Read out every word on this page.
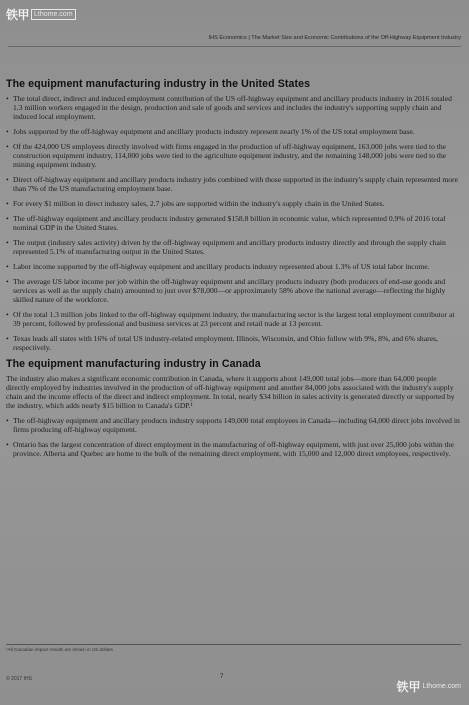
铁甲 Lthome.com
IHS Economics | The Market Size and Economic Contributions of the Off-Highway Equipment Industry
The equipment manufacturing industry in the United States
• The total direct, indirect and induced employment contribution of the US off-highway equipment and ancillary products industry in 2016 totaled 1.3 million workers engaged in the design, production and sale of goods and services and includes the industry's supporting supply chain and induced local employment.
• Jobs supported by the off-highway equipment and ancillary products industry represent nearly 1% of the US total employment base.
• Of the 424,000 US employees directly involved with firms engaged in the production of off-highway equipment, 163,000 jobs were tied to the construction equipment industry, 114,000 jobs were tied to the agriculture equipment industry, and the remaining 148,000 jobs were tied to the mining equipment industry.
• Direct off-highway equipment and ancillary products industry jobs combined with those supported in the industry's supply chain represented more than 7% of the US manufacturing employment base.
• For every $1 million in direct industry sales, 2.7 jobs are supported within the industry's supply chain in the United States.
• The off-highway equipment and ancillary products industry generated $158.8 billion in economic value, which represented 0.9% of 2016 total nominal GDP in the United States.
• The output (industry sales activity) driven by the off-highway equipment and ancillary products industry directly and through the supply chain represented 5.1% of manufacturing output in the United States.
• Labor income supported by the off-highway equipment and ancillary products industry represented about 1.3% of US total labor income.
• The average US labor income per job within the off-highway equipment and ancillary products industry (both producers of end-use goods and services as well as the supply chain) amounted to just over $78,000—or approximately 58% above the national average—reflecting the highly skilled nature of the workforce.
• Of the total 1.3 million jobs linked to the off-highway equipment industry, the manufacturing sector is the largest total employment contributor at 39 percent, followed by professional and business services at 23 percent and retail trade at 13 percent.
• Texas leads all states with 16% of total US industry-related employment. Illinois, Wisconsin, and Ohio follow with 9%, 8%, and 6% shares, respectively.
The equipment manufacturing industry in Canada

The industry also makes a significant economic contribution in Canada, where it supports about 149,000 total jobs—more than 64,000 people directly employed by industries involved in the production of off-highway equipment and another 84,000 jobs associated with the industry's supply chain and the income effects of the direct and indirect employment. In total, nearly $34 billion in sales activity is generated directly or supported by the industry, which adds nearly $15 billion to Canada's GDP.¹

• The off-highway equipment and ancillary products industry supports 149,000 total employees in Canada—including 64,000 direct jobs involved in firms producing off-highway equipment.
• Ontario has the largest concentration of direct employment in the manufacturing of off-highway equipment, with just over 25,000 jobs within the province. Alberta and Quebec are home to the bulk of the remaining direct employment, with 15,000 and 12,000 direct employees, respectively.
¹All Canadian impact results are shown in US dollars
© 2017 IHS	7
铁甲 Lthome.com
